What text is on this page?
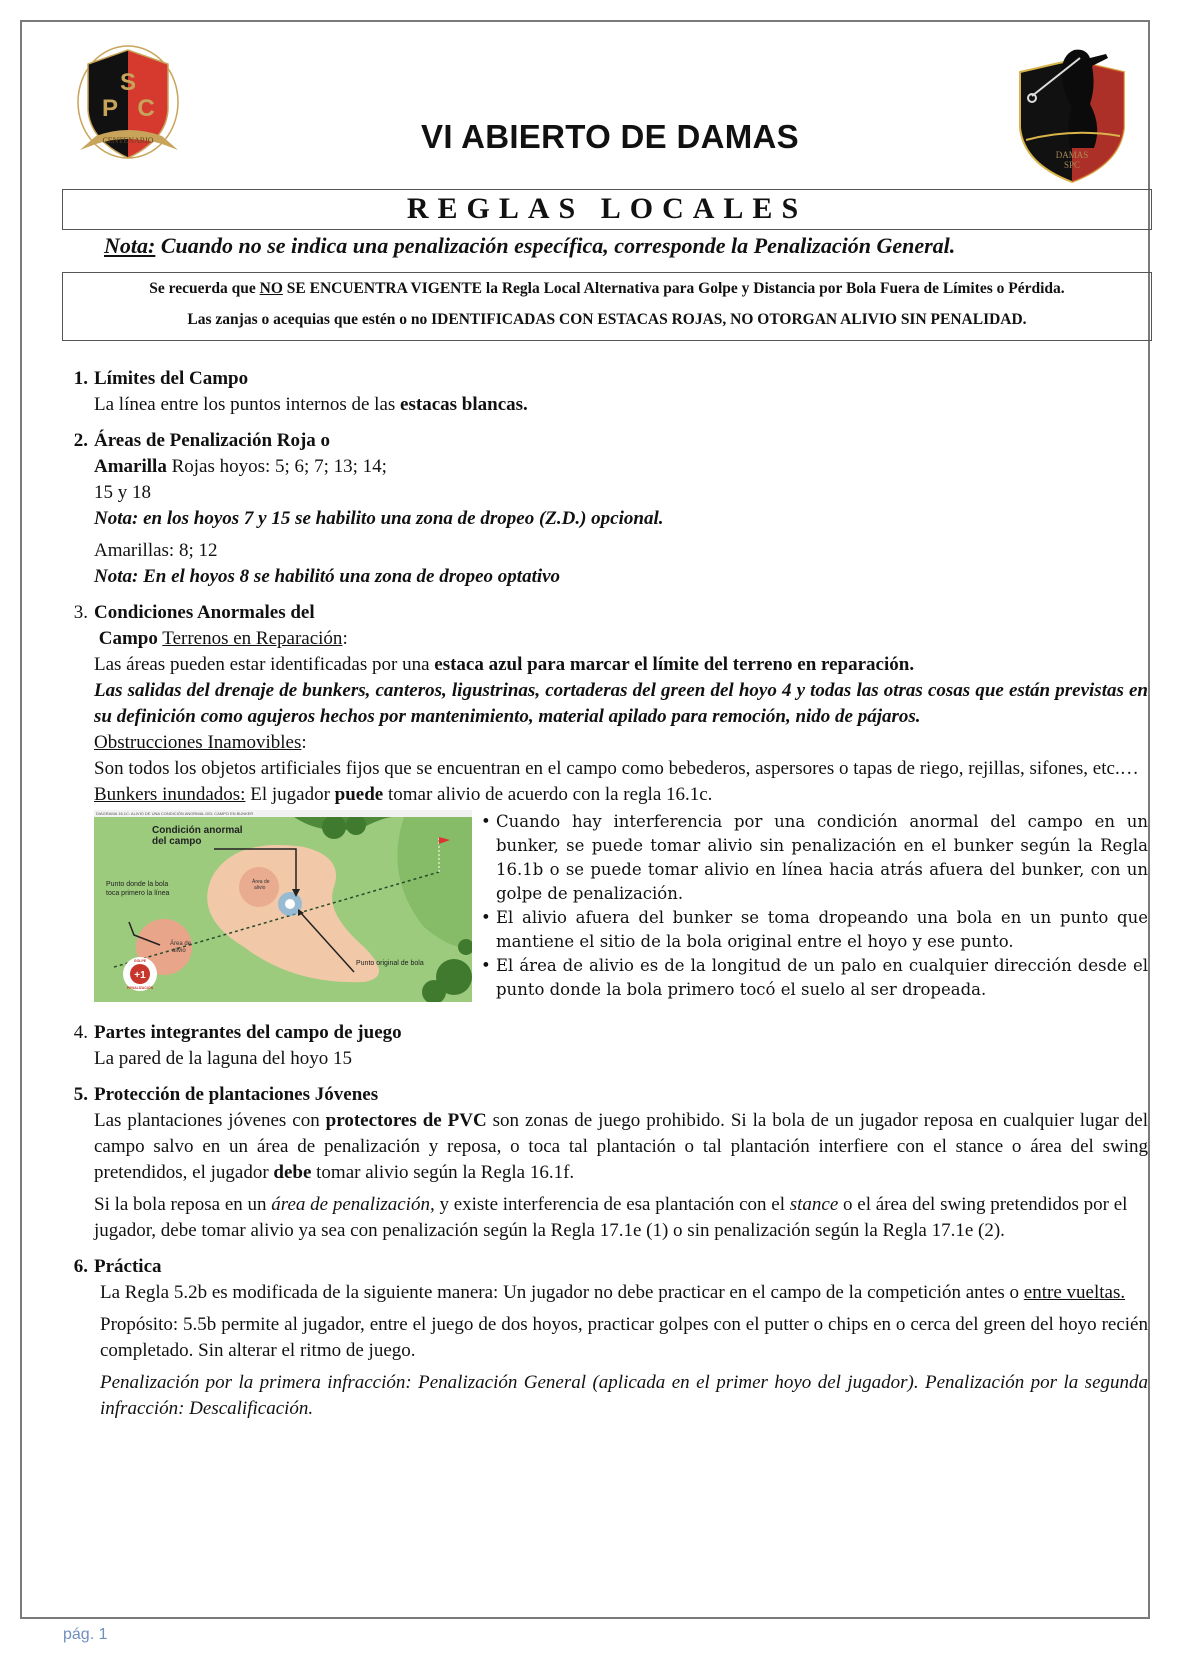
S
P C
CENTENARIO
DAMAS
SPC
VI ABIERTO DE DAMAS
REGLAS LOCALES
Nota: Cuando no se indica una penalización específica, corresponde la Penalización General.

Se recuerda que NO SE ENCUENTRA VIGENTE la Regla Local Alternativa para Golpe y Distancia por Bola Fuera de Límites o Pérdida.

Las zanjas o acequias que estén o no IDENTIFICADAS CON ESTACAS ROJAS, NO OTORGAN ALIVIO SIN PENALIDAD.

1. Límites del Campo

La línea entre los puntos internos de las estacas blancas.

2. Áreas de Penalización Roja o

Amarilla Rojas hoyos: 5; 6; 7; 13; 14;

15 y 18

Nota: en los hoyos 7 y 15 se habilito una zona de dropeo (Z.D.) opcional.

Amarillas: 8; 12

Nota: En el hoyos 8 se habilitó una zona de dropeo optativo

3. Condiciones Anormales del

Campo Terrenos en Reparación:

Las áreas pueden estar identificadas por una estaca azul para marcar el límite del terreno en reparación.

Las salidas del drenaje de bunkers, canteros, ligustrinas, cortaderas del green del hoyo 4 y todas las otras cosas que están previstas en su definición como agujeros hechos por mantenimiento, material apilado para remoción, nido de pájaros.

Obstrucciones Inamovibles:

Son todos los objetos artificiales fijos que se encuentran en el campo como bebederos, aspersores o tapas de riego, rejillas, sifones, etc.…

Bunkers inundados: El jugador puede tomar alivio de acuerdo con la regla 16.1c.

DIAGRAMA 16.1C: ALIVIO DE UNA CONDICIÓN ANORMAL DEL CAMPO EN BUNKER
Condición anormal
del campo
Punto donde la bola
toca primero la línea
Área de
alivio
Área de
alivio
Punto original de bola
+1
GOLPE
PENALIZACIÓN
• Cuando hay interferencia por una condición anormal del campo en un bunker, se puede tomar alivio sin penalización en el bunker según la Regla 16.1b o se puede tomar alivio en línea hacia atrás afuera del bunker, con un golpe de penalización.
• El alivio afuera del bunker se toma dropeando una bola en un punto que mantiene el sitio de la bola original entre el hoyo y ese punto.
• El área de alivio es de la longitud de un palo en cualquier dirección desde el punto donde la bola primero tocó el suelo al ser dropeada.
4. Partes integrantes del campo de juego

La pared de la laguna del hoyo 15

5. Protección de plantaciones Jóvenes

Las plantaciones jóvenes con protectores de PVC son zonas de juego prohibido. Si la bola de un jugador reposa en cualquier lugar del campo salvo en un área de penalización y reposa, o toca tal plantación o tal plantación interfiere con el stance o área del swing pretendidos, el jugador debe tomar alivio según la Regla 16.1f.

Si la bola reposa en un área de penalización, y existe interferencia de esa plantación con el stance o el área del swing pretendidos por el jugador, debe tomar alivio ya sea con penalización según la Regla 17.1e (1) o sin penalización según la Regla 17.1e (2).

6. Práctica

La Regla 5.2b es modificada de la siguiente manera: Un jugador no debe practicar en el campo de la competición antes o entre vueltas.

Propósito: 5.5b permite al jugador, entre el juego de dos hoyos, practicar golpes con el putter o chips en o cerca del green del hoyo recién completado. Sin alterar el ritmo de juego.

Penalización por la primera infracción: Penalización General (aplicada en el primer hoyo del jugador). Penalización por la segunda infracción: Descalificación.

pág. 1
